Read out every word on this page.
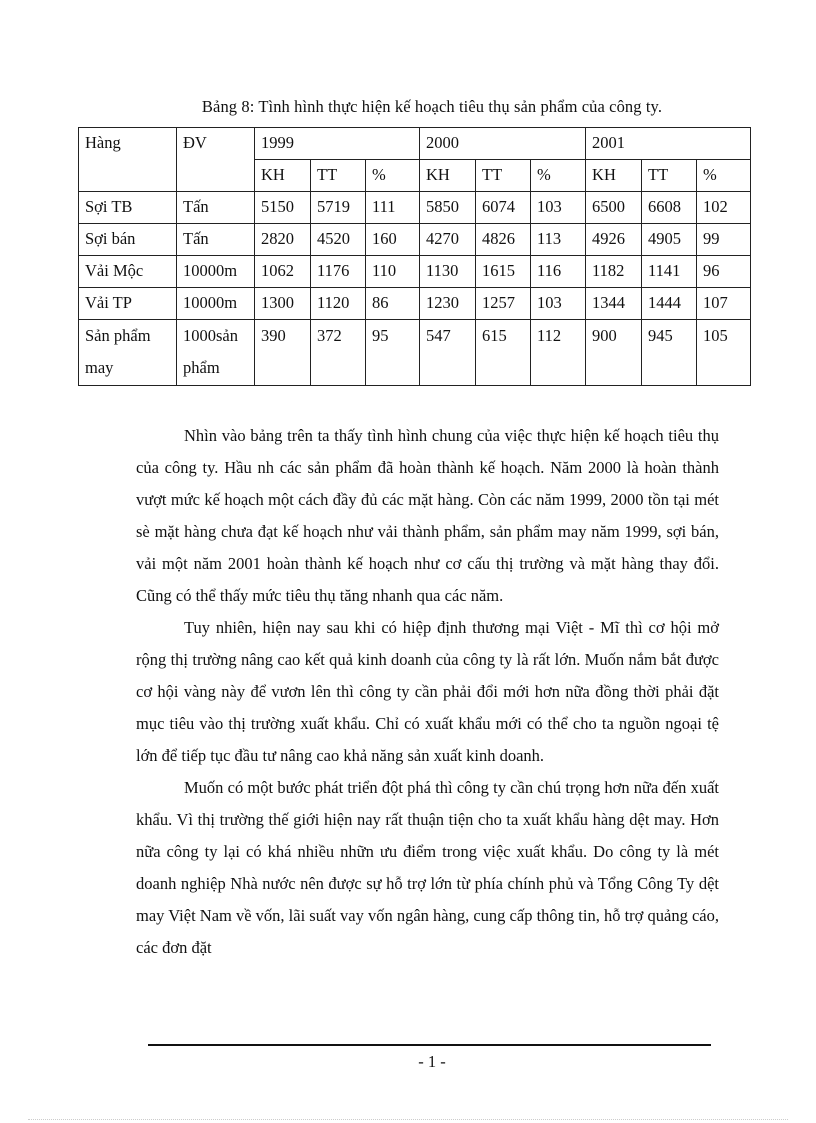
Bảng 8: Tình hình thực hiện kế hoạch tiêu thụ sản phẩm của công ty.
Hàng	ĐV	1999			2000			2001		
		KH	TT	%	KH	TT	%	KH	TT	%
Sợi TB	Tấn	5150	5719	111	5850	6074	103	6500	6608	102
Sợi bán	Tấn	2820	4520	160	4270	4826	113	4926	4905	99
Vải Mộc	10000m	1062	1176	110	1130	1615	116	1182	1141	96
Vải TP	10000m	1300	1120	86	1230	1257	103	1344	1444	107
Sản phẩm may	1000sản phẩm	390	372	95	547	615	112	900	945	105

Nhìn vào bảng trên ta thấy tình hình chung của việc thực hiện kế hoạch tiêu thụ của công ty. Hầu nh các sản phẩm đã hoàn thành kế hoạch. Năm 2000 là hoàn thành vượt mức kế hoạch một cách đầy đủ các mặt hàng. Còn các năm 1999, 2000 tồn tại mét sè mặt hàng chưa đạt kế hoạch như vải thành phẩm, sản phẩm may năm 1999, sợi bán, vải một năm 2001 hoàn thành kế hoạch như cơ cấu thị trường và mặt hàng thay đổi. Cũng có thể thấy mức tiêu thụ tăng nhanh qua các năm.

Tuy nhiên, hiện nay sau khi có hiệp định thương mại Việt - Mĩ thì cơ hội mở rộng thị trường nâng cao kết quả kinh doanh của công ty là rất lớn. Muốn nắm bắt được cơ hội vàng này để vươn lên thì công ty cần phải đổi mới hơn nữa đồng thời phải đặt mục tiêu vào thị trường xuất khẩu. Chỉ có xuất khẩu mới có thể cho ta nguồn ngoại tệ lớn để tiếp tục đầu tư nâng cao khả năng sản xuất kinh doanh.

Muốn có một bước phát triển đột phá thì công ty cần chú trọng hơn nữa đến xuất khẩu. Vì thị trường thế giới hiện nay rất thuận tiện cho ta xuất khẩu hàng dệt may. Hơn nữa công ty lại có khá nhiều nhữn ưu điểm trong việc xuất khẩu. Do công ty là mét doanh nghiệp Nhà nước nên được sự hỗ trợ lớn từ phía chính phủ và Tổng Công Ty dệt may Việt Nam về vốn, lãi suất vay vốn ngân hàng, cung cấp thông tin, hỗ trợ quảng cáo, các đơn đặt

- 1 -
